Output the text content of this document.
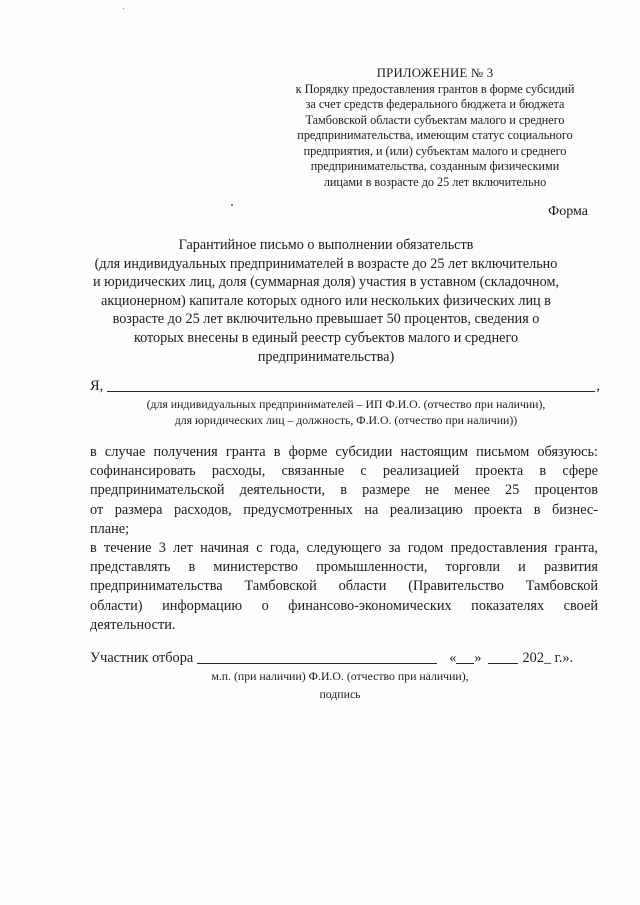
ПРИЛОЖЕНИЕ № 3
к Порядку предоставления грантов в форме субсидий
за счет средств федерального бюджета и бюджета
Тамбовской области субъектам малого и среднего
предпринимательства, имеющим статус социального
предприятия, и (или) субъектам малого и среднего
предпринимательства, созданным физическими
лицами в возрасте до 25 лет включительно
Форма
Гарантийное письмо о выполнении обязательств
(для индивидуальных предпринимателей в возрасте до 25 лет включительно
и юридических лиц, доля (суммарная доля) участия в уставном (складочном,
акционерном) капитале которых одного или нескольких физических лиц в
возрасте до 25 лет включительно превышает 50 процентов, сведения о
которых внесены в единый реестр субъектов малого и среднего
предпринимательства)
Я,	,
(для индивидуальных предпринимателей – ИП Ф.И.О. (отчество при наличии),
для юридических лиц – должность, Ф.И.О. (отчество при наличии))
в случае получения гранта в форме субсидии настоящим письмом обязуюсь:
софинансировать расходы, связанные с реализацией проекта в сфере
предпринимательской деятельности, в размере не менее 25 процентов
от размера расходов, предусмотренных на реализацию проекта в бизнес-
плане;
в течение 3 лет начиная с года, следующего за годом предоставления гранта,
представлять в министерство промышленности, торговли и развития
предпринимательства Тамбовской области (Правительство Тамбовской
области) информацию о финансово-экономических показателях своей
деятельности.
Участник отбора	« »	202_ г.».
м.п. (при наличии) Ф.И.О. (отчество при наличии),
подпись
